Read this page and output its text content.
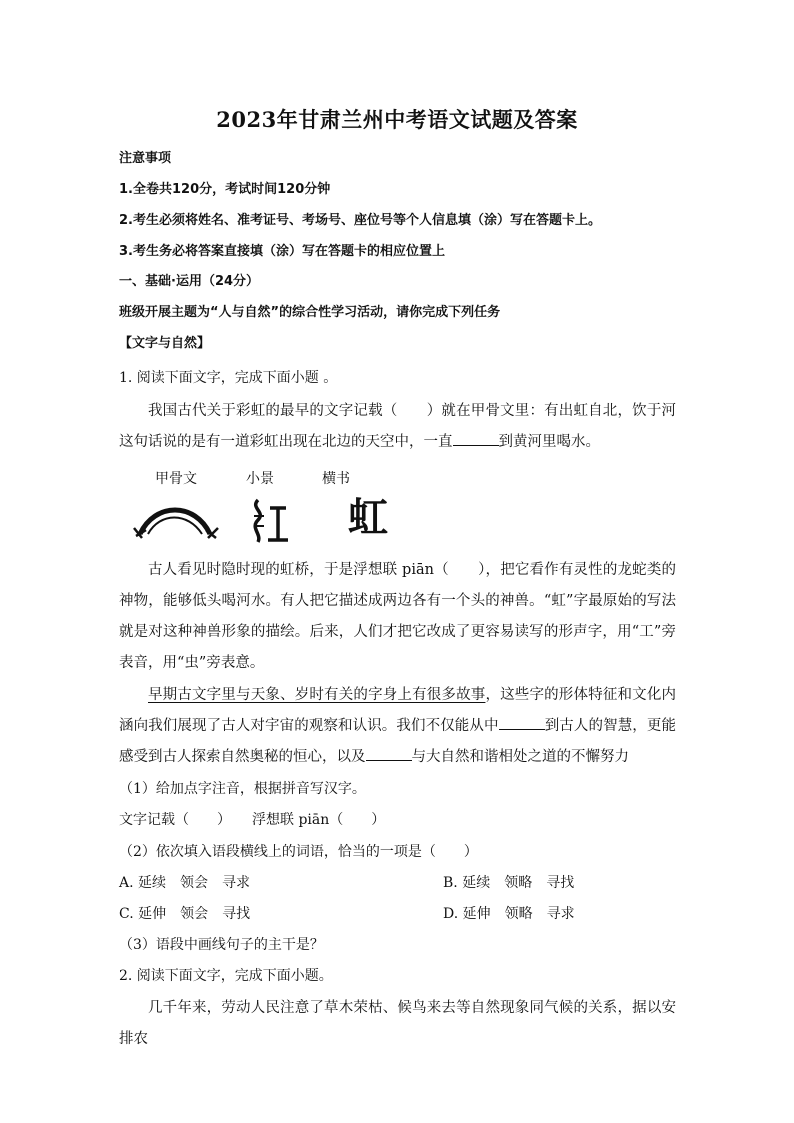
2023年甘肃兰州中考语文试题及答案
注意事项
1.全卷共120分，考试时间120分钟
2.考生必须将姓名、准考证号、考场号、座位号等个人信息填（涂）写在答题卡上。
3.考生务必将答案直接填（涂）写在答题卡的相应位置上
一、基础·运用（24分）
班级开展主题为“人与自然”的综合性学习活动，请你完成下列任务
【文字与自然】
1. 阅读下面文字，完成下面小题 。
我国古代关于彩虹的最早的文字记载（　　）就在甲骨文里：有出虹自北，饮于河这句话说的是有一道彩虹出现在北边的天空中，一直	到黄河里喝水。
甲骨文	小景	横书
虹
古人看见时隐时现的虹桥，于是浮想联 piān（　　），把它看作有灵性的龙蛇类的神物，能够低头喝河水。有人把它描述成两边各有一个头的神兽。“虹”字最原始的写法就是对这种神兽形象的描绘。后来，人们才把它改成了更容易读写的形声字，用“工”旁表音，用“虫”旁表意。
早期古文字里与天象、岁时有关的字身上有很多故事，这些字的形体特征和文化内涵向我们展现了古人对宇宙的观察和认识。我们不仅能从中	到古人的智慧，更能感受到古人探索自然奥秘的恒心，以及	与大自然和谐相处之道的不懈努力
（1）给加点字注音，根据拼音写汉字。
文字记载（　　）　　浮想联 piān（　　）
（2）依次填入语段横线上的词语，恰当的一项是（　　）
A. 延续　领会　寻求	B. 延续　领略　寻找
C. 延伸　领会　寻找	D. 延伸　领略　寻求
（3）语段中画线句子的主干是？
2. 阅读下面文字，完成下面小题。
几千年来，劳动人民注意了草木荣枯、候鸟来去等自然现象同气候的关系，据以安排农
